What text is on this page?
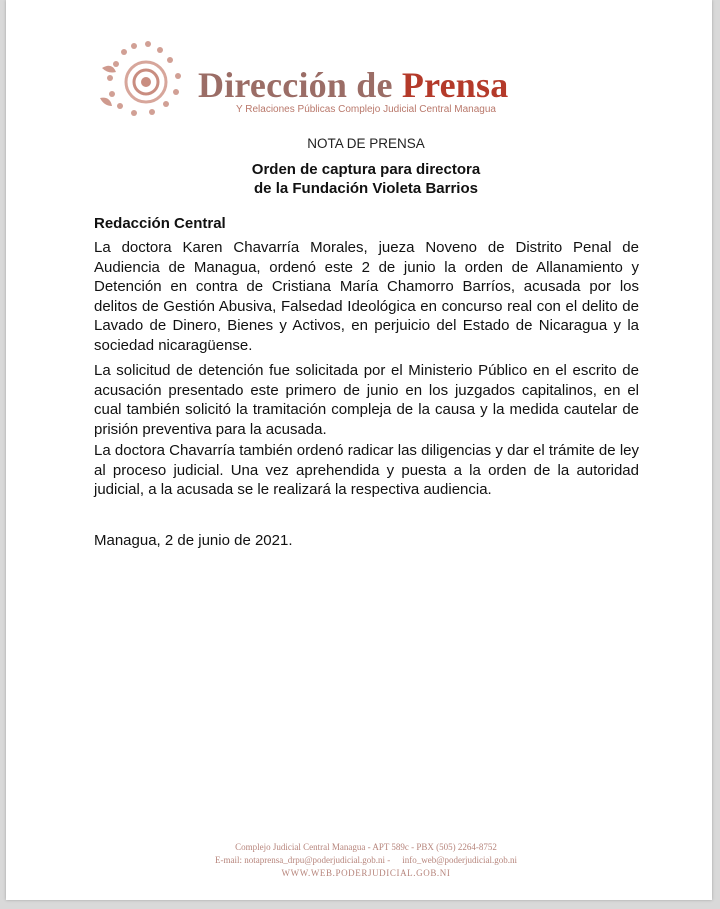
Dirección de Prensa
Y Relaciones Públicas Complejo Judicial Central Managua
NOTA DE PRENSA
Orden de captura para directora
de la Fundación Violeta Barrios
Redacción Central

La doctora Karen Chavarría Morales, jueza Noveno de Distrito Penal de Audiencia de Managua, ordenó este 2 de junio la orden de Allanamiento y Detención en contra de Cristiana María Chamorro Barríos, acusada por los delitos de Gestión Abusiva, Falsedad Ideológica en concurso real con el delito de Lavado de Dinero, Bienes y Activos, en perjuicio del Estado de Nicaragua y la sociedad nicaragüense.

La solicitud de detención fue solicitada por el Ministerio Público en el escrito de acusación presentado este primero de junio en los juzgados capitalinos, en el cual también solicitó la tramitación compleja de la causa y la medida cautelar de prisión preventiva para la acusada.

La doctora Chavarría también ordenó radicar las diligencias y dar el trámite de ley al proceso judicial. Una vez aprehendida y puesta a la orden de la autoridad judicial, a la acusada se le realizará la respectiva audiencia.

Managua, 2 de junio de 2021.
Complejo Judicial Central Managua - APT 589c - PBX (505) 2264-8752
E-mail: notaprensa_drpu@poderjudicial.gob.ni - info_web@poderjudicial.gob.ni
WWW.WEB.PODERJUDICIAL.GOB.NI
